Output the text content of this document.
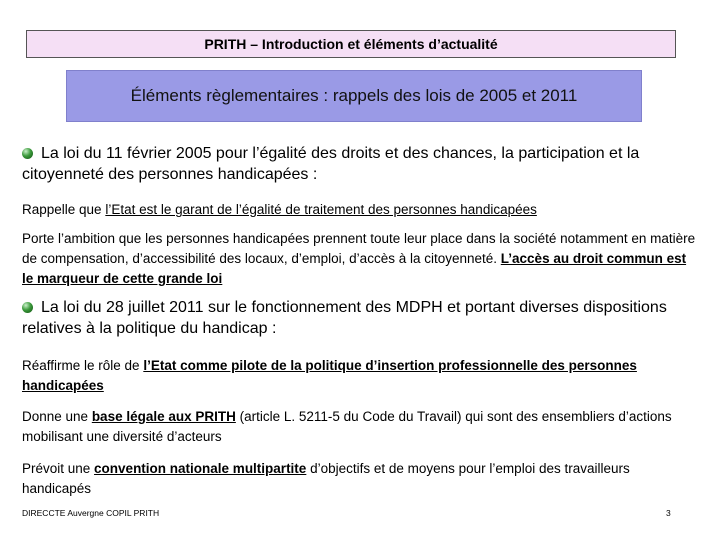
PRITH – Introduction et éléments d’actualité
Éléments règlementaires : rappels des lois de 2005 et 2011
La loi du 11 février 2005 pour l’égalité des droits et des chances, la participation et la citoyenneté des personnes handicapées :
Rappelle que l’Etat est le garant de l’égalité de traitement des personnes handicapées
Porte l’ambition que les personnes handicapées prennent toute leur place dans la société notamment en matière de compensation, d’accessibilité des locaux, d’emploi, d’accès à la citoyenneté. L’accès au droit commun est le marqueur de cette grande loi
La loi du 28 juillet 2011 sur le fonctionnement des MDPH et portant diverses dispositions relatives à la politique du handicap :
Réaffirme le rôle de l’Etat comme pilote de la politique d’insertion professionnelle des personnes handicapées
Donne une base légale aux PRITH (article L. 5211-5 du Code du Travail) qui sont des ensembliers d’actions mobilisant une diversité d’acteurs
Prévoit une convention nationale multipartite d’objectifs et de moyens pour l’emploi des travailleurs handicapés
DIRECCTE Auvergne COPIL PRITH	3
